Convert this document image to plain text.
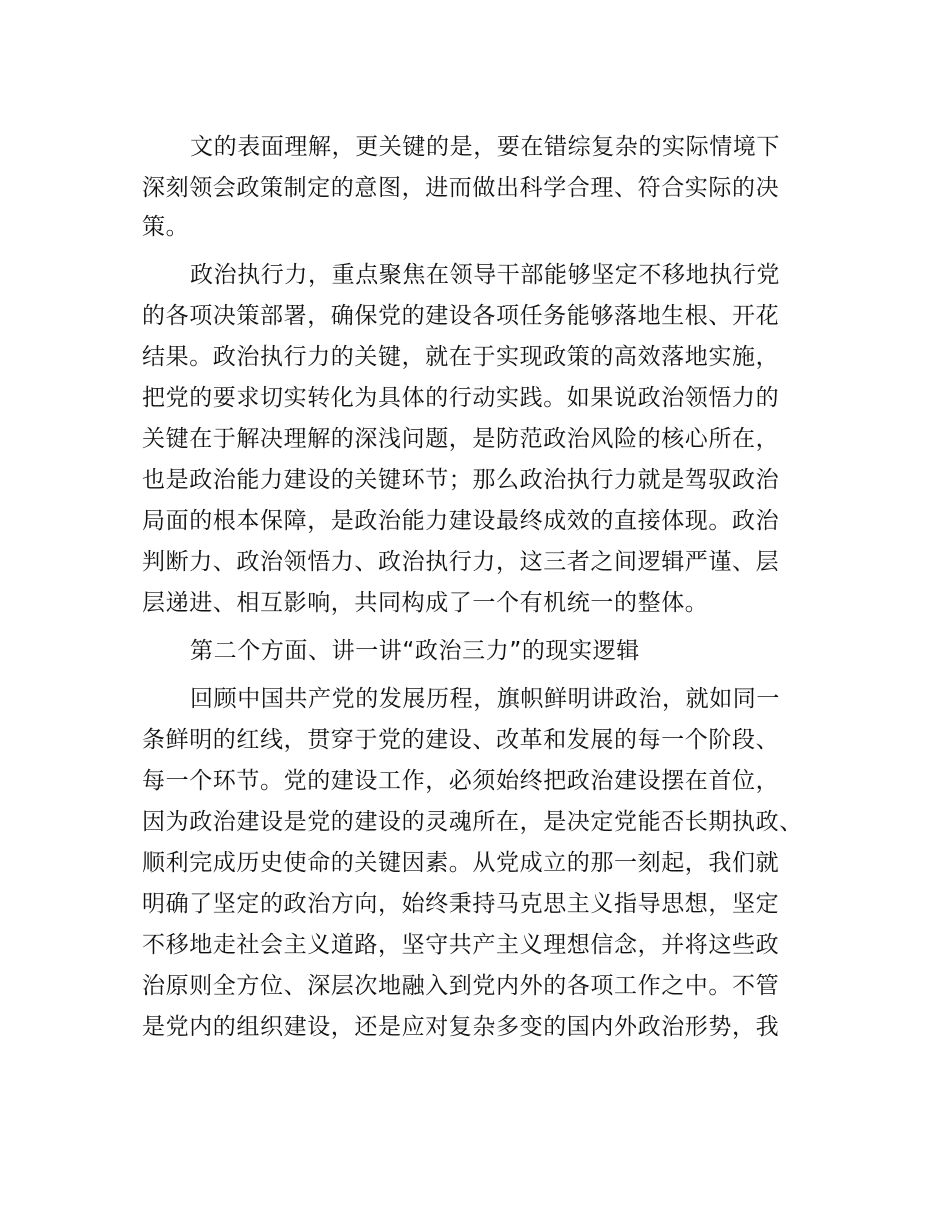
文的表面理解，更关键的是，要在错综复杂的实际情境下
深刻领会政策制定的意图，进而做出科学合理、符合实际的决
策。
政治执行力，重点聚焦在领导干部能够坚定不移地执行党
的各项决策部署，确保党的建设各项任务能够落地生根、开花
结果。政治执行力的关键，就在于实现政策的高效落地实施，
把党的要求切实转化为具体的行动实践。如果说政治领悟力的
关键在于解决理解的深浅问题，是防范政治风险的核心所在，
也是政治能力建设的关键环节；那么政治执行力就是驾驭政治
局面的根本保障，是政治能力建设最终成效的直接体现。政治
判断力、政治领悟力、政治执行力，这三者之间逻辑严谨、层
层递进、相互影响，共同构成了一个有机统一的整体。
第二个方面、讲一讲“政治三力”的现实逻辑
回顾中国共产党的发展历程，旗帜鲜明讲政治，就如同一
条鲜明的红线，贯穿于党的建设、改革和发展的每一个阶段、
每一个环节。党的建设工作，必须始终把政治建设摆在首位，
因为政治建设是党的建设的灵魂所在，是决定党能否长期执政、
顺利完成历史使命的关键因素。从党成立的那一刻起，我们就
明确了坚定的政治方向，始终秉持马克思主义指导思想，坚定
不移地走社会主义道路，坚守共产主义理想信念，并将这些政
治原则全方位、深层次地融入到党内外的各项工作之中。不管
是党内的组织建设，还是应对复杂多变的国内外政治形势，我
